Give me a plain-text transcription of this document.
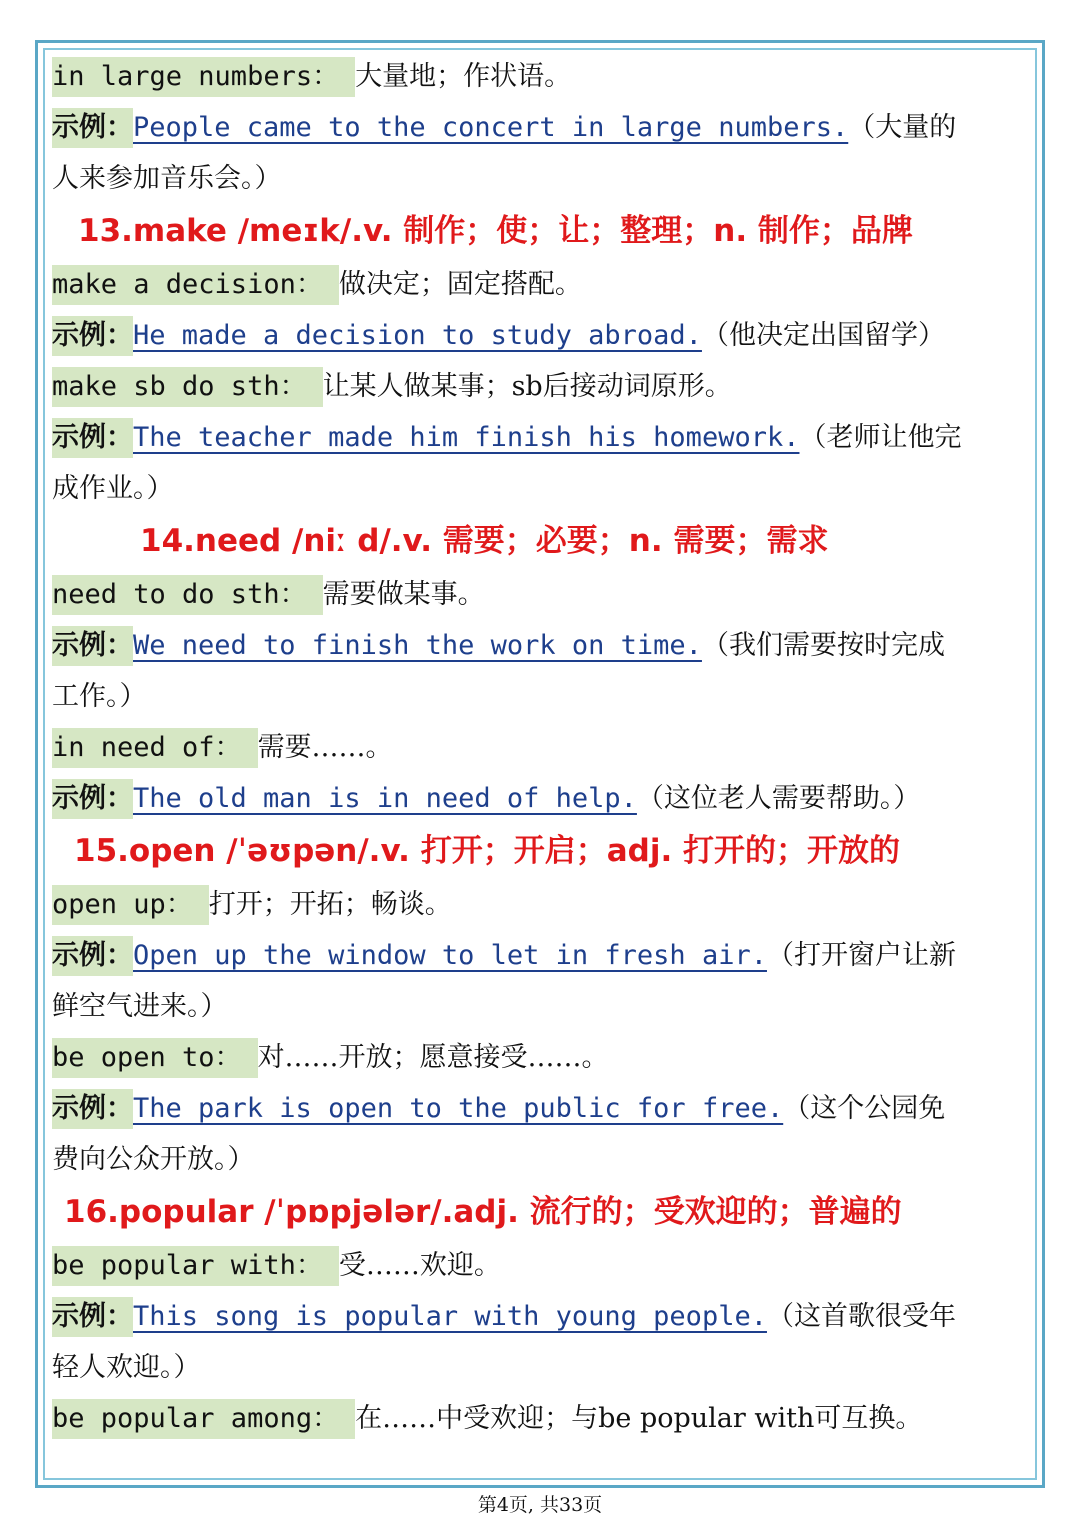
in large numbers： 大量地；作状语。
示例：People came to the concert in large numbers.（大量的
人来参加音乐会。）
13.make /meɪk/.v. 制作；使；让；整理；n. 制作；品牌
make a decision： 做决定；固定搭配。
示例：He made a decision to study abroad.（他决定出国留学）
make sb do sth： 让某人做某事；sb后接动词原形。
示例：The teacher made him finish his homework.（老师让他完
成作业。）
14.need /niː d/.v. 需要；必要；n. 需要；需求
need to do sth： 需要做某事。
示例：We need to finish the work on time.（我们需要按时完成
工作。）
in need of： 需要……。
示例：The old man is in need of help.（这位老人需要帮助。）
15.open /ˈəʊpən/.v. 打开；开启；adj. 打开的；开放的
open up： 打开；开拓；畅谈。
示例：Open up the window to let in fresh air.（打开窗户让新
鲜空气进来。）
be open to： 对……开放；愿意接受……。
示例：The park is open to the public for free.（这个公园免
费向公众开放。）
16.popular /ˈpɒpjələr/.adj. 流行的；受欢迎的；普遍的
be popular with： 受……欢迎。
示例：This song is popular with young people.（这首歌很受年
轻人欢迎。）
be popular among： 在……中受欢迎；与be popular with可互换。
第4页, 共33页
